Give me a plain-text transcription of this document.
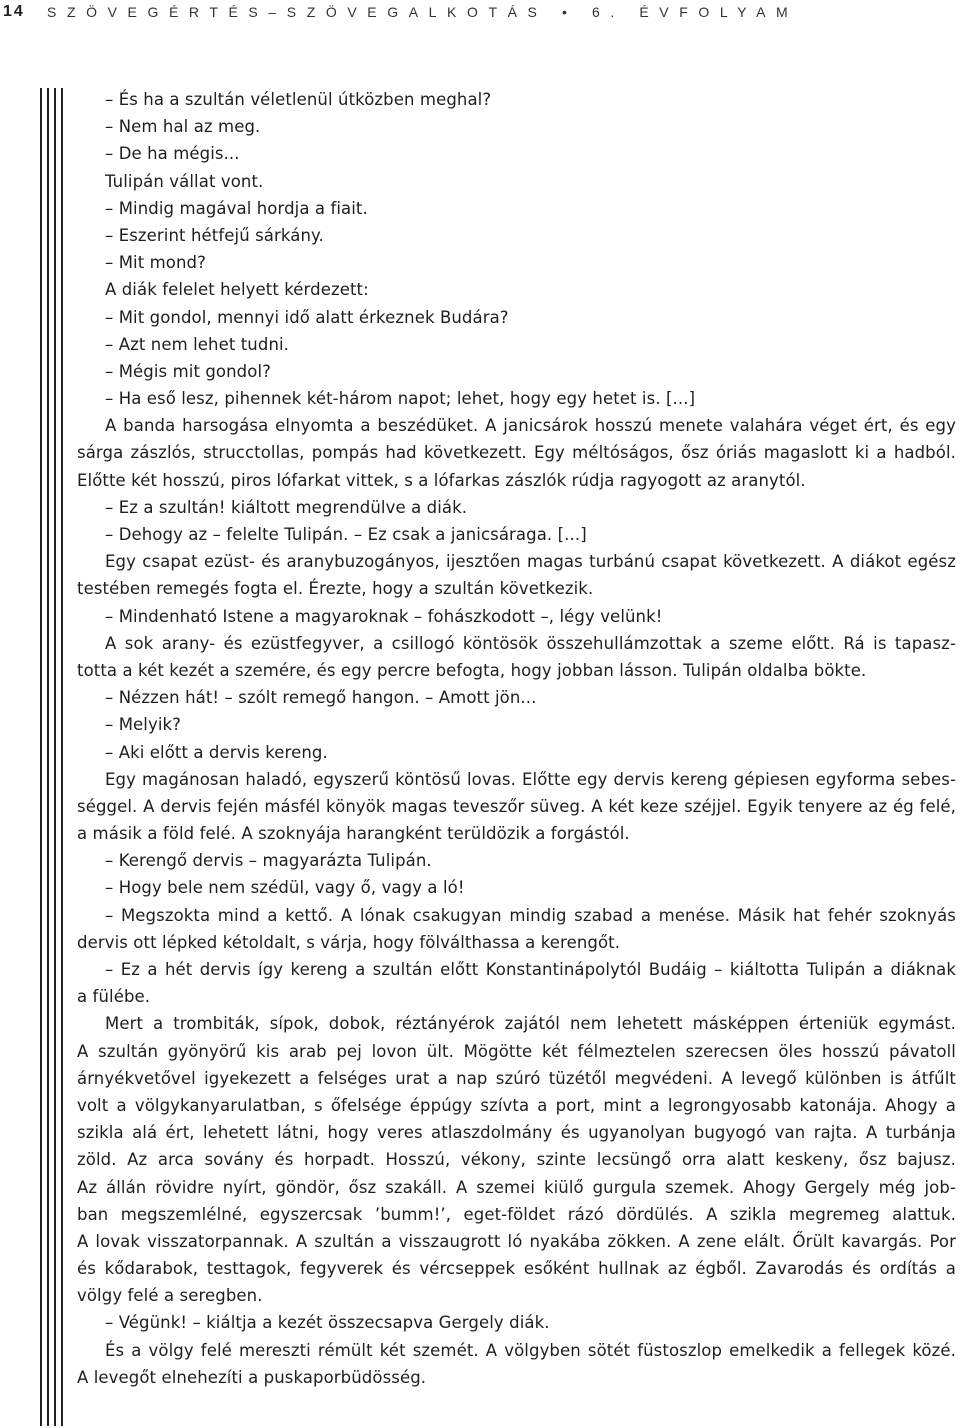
14 SZÖVEGÉRTÉS–SZÖVEGALKOTÁS • 6. ÉVFOLYAM
– És ha a szultán véletlenül útközben meghal?
– Nem hal az meg.
– De ha mégis...
Tulipán vállat vont.
– Mindig magával hordja a fiait.
– Eszerint hétfejű sárkány.
– Mit mond?
A diák felelet helyett kérdezett:
– Mit gondol, mennyi idő alatt érkeznek Budára?
– Azt nem lehet tudni.
– Mégis mit gondol?
– Ha eső lesz, pihennek két-három napot; lehet, hogy egy hetet is. [...]
A banda harsogása elnyomta a beszédüket. A janicsárok hosszú menete valahára véget ért, és egy
sárga zászlós, strucctollas, pompás had következett. Egy méltóságos, ősz óriás magaslott ki a hadból.
Előtte két hosszú, piros lófarkat vittek, s a lófarkas zászlók rúdja ragyogott az aranytól.
– Ez a szultán! kiáltott megrendülve a diák.
– Dehogy az – felelte Tulipán. – Ez csak a janicsáraga. [...]
Egy csapat ezüst- és aranybuzogányos, ijesztően magas turbánú csapat következett. A diákot egész
testében remegés fogta el. Érezte, hogy a szultán következik.
– Mindenható Istene a magyaroknak – fohászkodott –, légy velünk!
A sok arany- és ezüstfegyver, a csillogó köntösök összehullámzottak a szeme előtt. Rá is tapasz-
totta a két kezét a szemére, és egy percre befogta, hogy jobban lásson. Tulipán oldalba bökte.
– Nézzen hát! – szólt remegő hangon. – Amott jön...
– Melyik?
– Aki előtt a dervis kereng.
Egy magánosan haladó, egyszerű köntösű lovas. Előtte egy dervis kereng gépiesen egyforma sebes-
séggel. A dervis fején másfél könyök magas teveszőr süveg. A két keze széjjel. Egyik tenyere az ég felé,
a másik a föld felé. A szoknyája harangként terüldözik a forgástól.
– Kerengő dervis – magyarázta Tulipán.
– Hogy bele nem szédül, vagy ő, vagy a ló!
– Megszokta mind a kettő. A lónak csakugyan mindig szabad a menése. Másik hat fehér szoknyás
dervis ott lépked kétoldalt, s várja, hogy fölválthassa a kerengőt.
– Ez a hét dervis így kereng a szultán előtt Konstantinápolytól Budáig – kiáltotta Tulipán a diáknak
a fülébe.
Mert a trombiták, sípok, dobok, réztányérok zajától nem lehetett másképpen érteniük egymást.
A szultán gyönyörű kis arab pej lovon ült. Mögötte két félmeztelen szerecsen öles hosszú pávatoll
árnyékvetővel igyekezett a felséges urat a nap szúró tüzétől megvédeni. A levegő különben is átfűlt
volt a völgykanyarulatban, s őfelsége éppúgy szívta a port, mint a legrongyosabb katonája. Ahogy a
szikla alá ért, lehetett látni, hogy veres atlaszdolmány és ugyanolyan bugyogó van rajta. A turbánja
zöld. Az arca sovány és horpadt. Hosszú, vékony, szinte lecsüngő orra alatt keskeny, ősz bajusz.
Az állán rövidre nyírt, göndör, ősz szakáll. A szemei kiülő gurgula szemek. Ahogy Gergely még job-
ban megszemlélné, egyszercsak ’bumm!’, eget-földet rázó dördülés. A szikla megremeg alattuk.
A lovak visszatorpannak. A szultán a visszaugrott ló nyakába zökken. A zene elált. Őrült kavargás. Por
és kődarabok, testtagok, fegyverek és vércseppek esőként hullnak az égből. Zavarodás és ordítás a
völgy felé a seregben.
– Végünk! – kiáltja a kezét összecsapva Gergely diák.
És a völgy felé mereszti rémült két szemét. A völgyben sötét füstoszlop emelkedik a fellegek közé.
A levegőt elnehezíti a puskaporbüdösség.
